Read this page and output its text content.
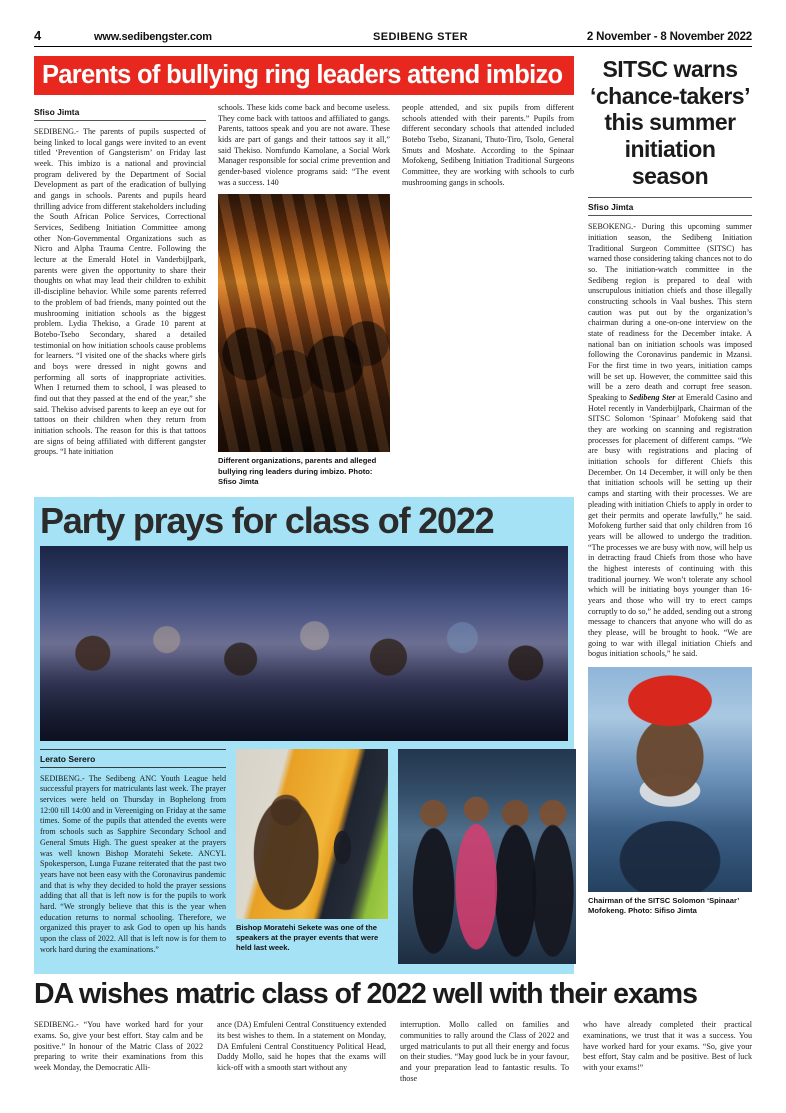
4	www.sedibengster.com	SEDIBENG STER	2 November - 8 November 2022
Parents of bullying ring leaders attend imbizo
Sfiso Jimta

SEDIBENG.- The parents of pupils suspected of being linked to local gangs were invited to an event titled ‘Prevention of Gangsterism’ on Friday last week. This imbizo is a national and provincial program delivered by the Department of Social Development as part of the eradication of bullying and gangs in schools. Parents and pupils heard thrilling advice from different stakeholders including the South African Police Services, Correctional Services, Sedibeng Initiation Committee among other Non-Governmental Organizations such as Nicro and Alpha Trauma Centre. Following the lecture at the Emerald Hotel in Vanderbijlpark, parents were given the opportunity to share their thoughts on what may lead their children to exhibit ill-discipline behavior. While some parents referred to the problem of bad friends, many pointed out the mushrooming initiation schools as the biggest problem. Lydia Thekiso, a Grade 10 parent at Botebo-Tsebo Secondary, shared a detailed testimonial on how initiation schools cause problems for learners. “I visited one of the shacks where girls and boys were dressed in night gowns and performing all sorts of inappropriate activities. When I returned them to school, I was pleased to find out that they passed at the end of the year,” she said. Thekiso advised parents to keep an eye out for tattoos on their children when they return from initiation schools. The reason for this is that tattoos are signs of being affiliated with different gangster groups. “I hate initiation

schools. These kids come back and become useless. They come back with tattoos and affiliated to gangs. Parents, tattoos speak and you are not aware. These kids are part of gangs and their tattoos say it all,” said Thekiso. Nomfundo Kamolane, a Social Work Manager responsible for social crime prevention and gender-based violence programs said: “The event was a success. 140

Different organizations, parents and alleged bullying ring leaders during imbizo. Photo: Sfiso Jimta

people attended, and six pupils from different schools attended with their parents.” Pupils from different secondary schools that attended included Botebo Tsebo, Sizanani, Thuto-Tiro, Tsolo, General Smuts and Moshate. According to the Spinaar Mofokeng, Sedibeng Initiation Traditional Surgeons Committee, they are working with schools to curb mushrooming gangs in schools.

SITSC warns ‘chance-takers’ this summer initiation season
Sfiso Jimta

SEBOKENG.- During this upcoming summer initiation season, the Sedibeng Initiation Traditional Surgeon Committee (SITSC) has warned those considering taking chances not to do so. The initiation-watch committee in the Sedibeng region is prepared to deal with unscrupulous initiation chiefs and those illegally constructing schools in Vaal bushes. This stern caution was put out by the organization’s chairman during a one-on-one interview on the state of readiness for the December intake. A national ban on initiation schools was imposed following the Coronavirus pandemic in Mzansi. For the first time in two years, initiation camps will be set up. However, the committee said this will be a zero death and corrupt free season. Speaking to Sedibeng Ster at Emerald Casino and Hotel recently in Vanderbijlpark, Chairman of the SITSC Solomon ‘Spinaar’ Mofokeng said that they are working on scanning and registration processes for placement of different camps. “We are busy with registrations and placing of initiation schools for different Chiefs this December. On 14 December, it will only be then that initiation schools will be setting up their camps and starting with their processes. We are pleading with initiation Chiefs to apply in order to get their permits and operate lawfully,” he said. Mofokeng further said that only children from 16 years will be allowed to undergo the tradition. “The processes we are busy with now, will help us in detracting fraud Chiefs from those who have the highest interests of continuing with this traditional journey. We won’t tolerate any school which will be initiating boys younger than 16-years and those who will try to erect camps corruptly to do so,” he added, sending out a strong message to chancers that anyone who will do as they please, will be brought to hook. “We are going to war with illegal initiation Chiefs and bogus initiation schools,” he said.

Chairman of the SITSC Solomon ‘Spinaar’ Mofokeng. Photo: Sifiso Jimta
Party prays for class of 2022
Lerato Serero

SEDIBENG.- The Sedibeng ANC Youth League held successful prayers for matriculants last week. The prayer services were held on Thursday in Bophelong from 12:00 till 14:00 and in Vereeniging on Friday at the same times. Some of the pupils that attended the events were from schools such as Sapphire Secondary School and General Smuts High. The guest speaker at the prayers was well known Bishop Moratehi Sekete. ANCYL Spokesperson, Lunga Fuzane reiterated that the past two years have not been easy with the Coronavirus pandemic and that is why they decided to hold the prayer sessions adding that all that is left now is for the pupils to work hard. “We strongly believe that this is the year when education returns to normal schooling. Therefore, we organized this prayer to ask God to open up his hands upon the class of 2022. All that is left now is for them to work hard during the examinations.”

Bishop Moratehi Sekete was one of the speakers at the prayer events that were held last week.
DA wishes matric class of 2022 well with their exams

SEDIBENG.- “You have worked hard for your exams. So, give your best effort. Stay calm and be positive.” In honour of the Matric Class of 2022 preparing to write their examinations from this week Monday, the Democratic Alli-

ance (DA) Emfuleni Central Constituency extended its best wishes to them. In a statement on Monday, DA Emfuleni Central Constituency Political Head, Daddy Mollo, said he hopes that the exams will kick-off with a smooth start without any

interruption. Mollo called on families and communities to rally around the Class of 2022 and urged matriculants to put all their energy and focus on their studies. “May good luck be in your favour, and your preparation lead to fantastic results. To those

who have already completed their practical examinations, we trust that it was a success. You have worked hard for your exams. “So, give your best effort, Stay calm and be positive. Best of luck with your exams!”
